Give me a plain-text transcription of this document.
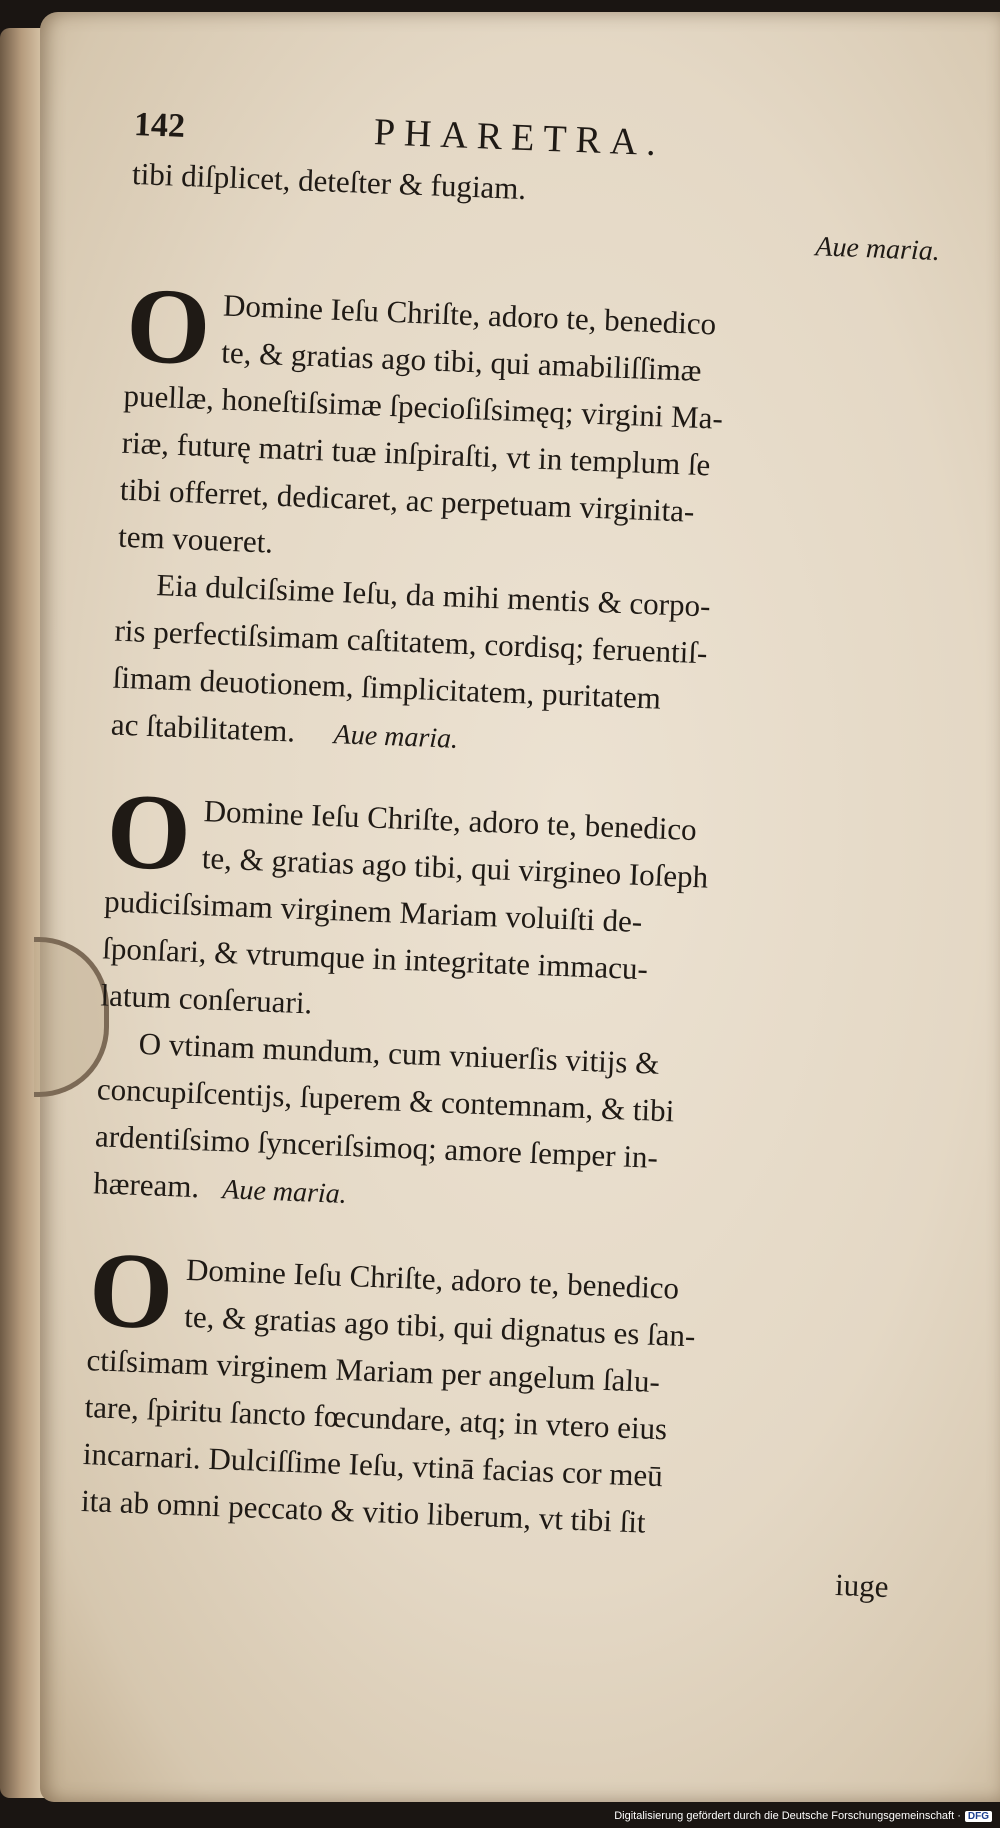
142	PHARETRA.
tibi diſplicet, deteſter & fugiam.
Aue maria.
O Domine Ieſu Chriſte, adoro te, benedico
te, & gratias ago tibi, qui amabiliſſimæ
puellæ, honeſtiſsimæ ſpecioſiſsimęq; virgini Ma-
riæ, futurę matri tuæ inſpiraſti, vt in templum ſe
tibi offerret, dedicaret, ac perpetuam virginita-
tem voueret.
Eia dulciſsime Ieſu, da mihi mentis & corpo-
ris perfectiſsimam caſtitatem, cordisq; feruentiſ-
ſimam deuotionem, ſimplicitatem, puritatem
ac ſtabilitatem. Aue maria.
O Domine Ieſu Chriſte, adoro te, benedico
te, & gratias ago tibi, qui virgineo Ioſeph
pudiciſsimam virginem Mariam voluiſti de-
ſponſari, & vtrumque in integritate immacu-
latum conſeruari.
O vtinam mundum, cum vniuerſis vitijs &
concupiſcentijs, ſuperem & contemnam, & tibi
ardentiſsimo ſynceriſsimoq; amore ſemper in-
hæream. Aue maria.
O Domine Ieſu Chriſte, adoro te, benedico
te, & gratias ago tibi, qui dignatus es ſan-
ctiſsimam virginem Mariam per angelum ſalu-
tare, ſpiritu ſancto fœcundare, atq; in vtero eius
incarnari. Dulciſſime Ieſu, vtinā facias cor meū
ita ab omni peccato & vitio liberum, vt tibi ſit
iuge
Digitalisierung gefördert durch die Deutsche Forschungsgemeinschaft · DFG
